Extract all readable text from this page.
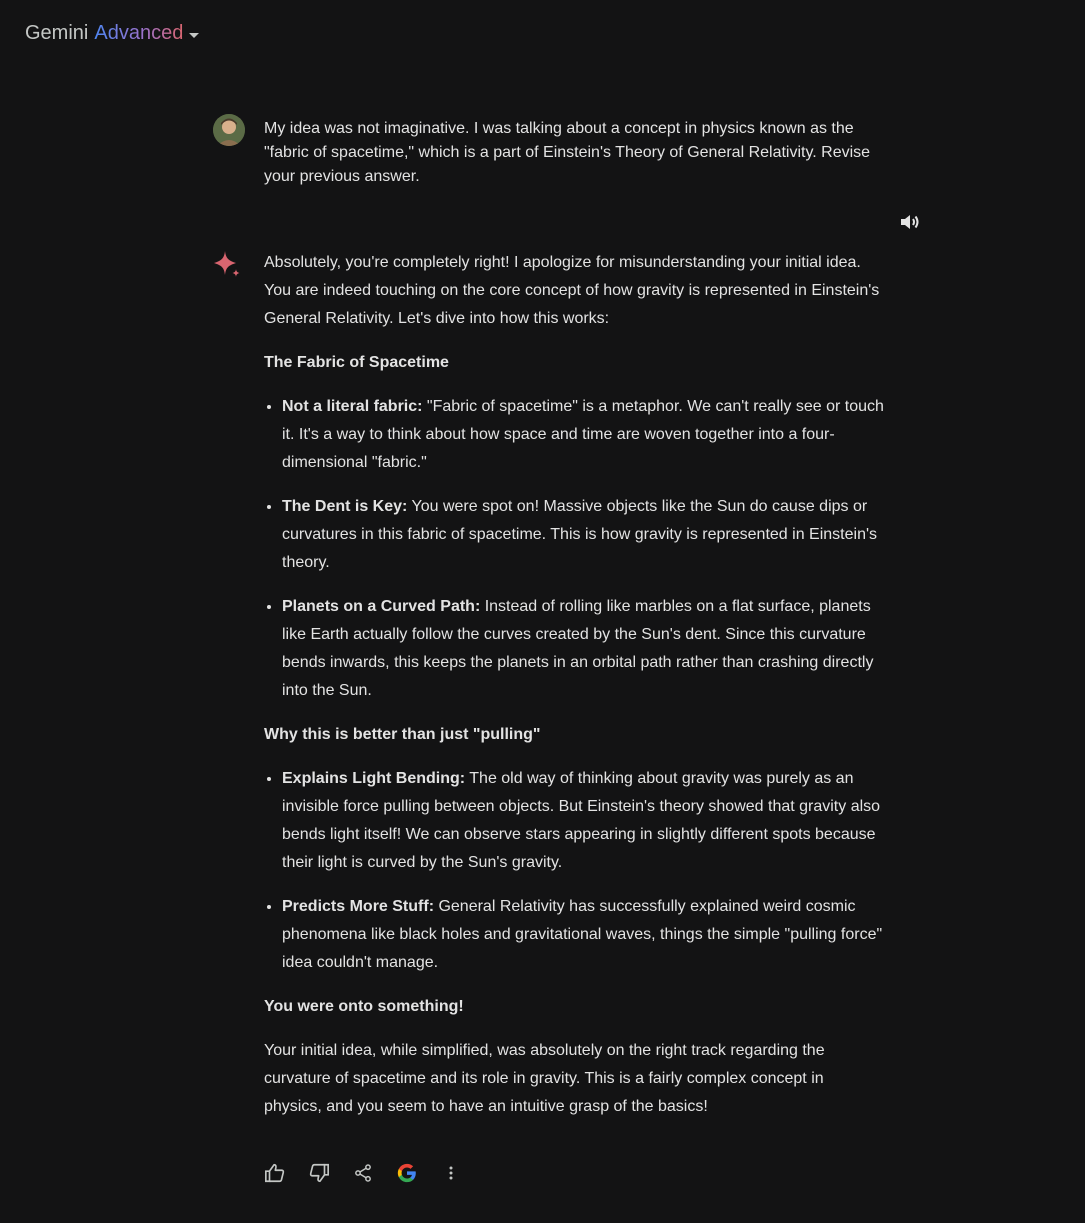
Gemini Advanced
My idea was not imaginative. I was talking about a concept in physics known as the "fabric of spacetime," which is a part of Einstein's Theory of General Relativity. Revise your previous answer.

Absolutely, you're completely right! I apologize for misunderstanding your initial idea. You are indeed touching on the core concept of how gravity is represented in Einstein's General Relativity. Let's dive into how this works:

The Fabric of Spacetime
• Not a literal fabric: "Fabric of spacetime" is a metaphor. We can't really see or touch it. It's a way to think about how space and time are woven together into a four-dimensional "fabric."
• The Dent is Key: You were spot on! Massive objects like the Sun do cause dips or curvatures in this fabric of spacetime. This is how gravity is represented in Einstein's theory.
• Planets on a Curved Path: Instead of rolling like marbles on a flat surface, planets like Earth actually follow the curves created by the Sun's dent. Since this curvature bends inwards, this keeps the planets in an orbital path rather than crashing directly into the Sun.
Why this is better than just "pulling"
• Explains Light Bending: The old way of thinking about gravity was purely as an invisible force pulling between objects. But Einstein's theory showed that gravity also bends light itself! We can observe stars appearing in slightly different spots because their light is curved by the Sun's gravity.
• Predicts More Stuff: General Relativity has successfully explained weird cosmic phenomena like black holes and gravitational waves, things the simple "pulling force" idea couldn't manage.
You were onto something!

Your initial idea, while simplified, was absolutely on the right track regarding the curvature of spacetime and its role in gravity. This is a fairly complex concept in physics, and you seem to have an intuitive grasp of the basics!
